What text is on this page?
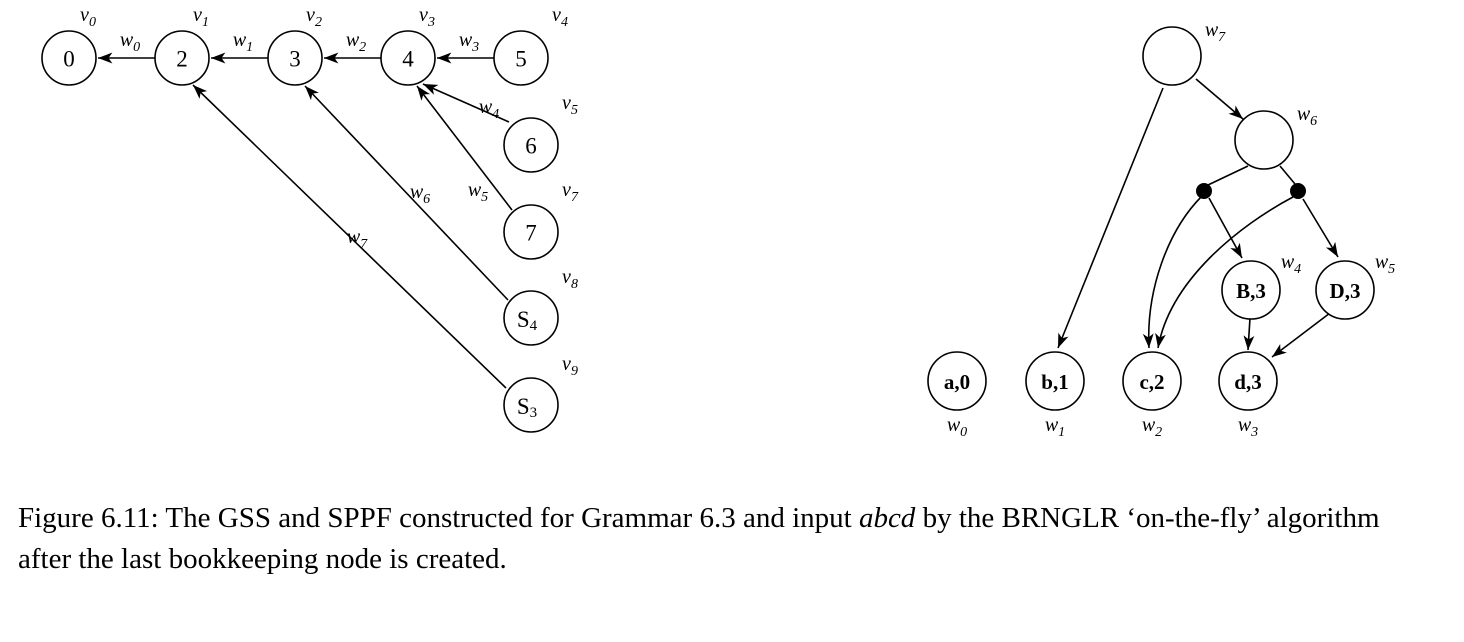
0
$v_0$
2
$v_1$
3
$v_2$
4
$v_3$
5
$v_4$
6
$v_5$
7
$v_7$
$S_4$
$v_8$
$S_3$
$v_9$
$w_0$	$w_1$	$w_2$	$w_3$
$w_4$
$w_5$
$w_6$
$w_7$
$w_7$
$w_6$
B,3
$w_4$
D,3
$w_5$
a,0
$w_0$
b,1
$w_1$
c,2
$w_2$
d,3
$w_3$
Figure 6.11: The GSS and SPPF constructed for Grammar 6.3 and input abcd by the BRNGLR ‘on-the-fly’ algorithm after the last bookkeeping node is created.
